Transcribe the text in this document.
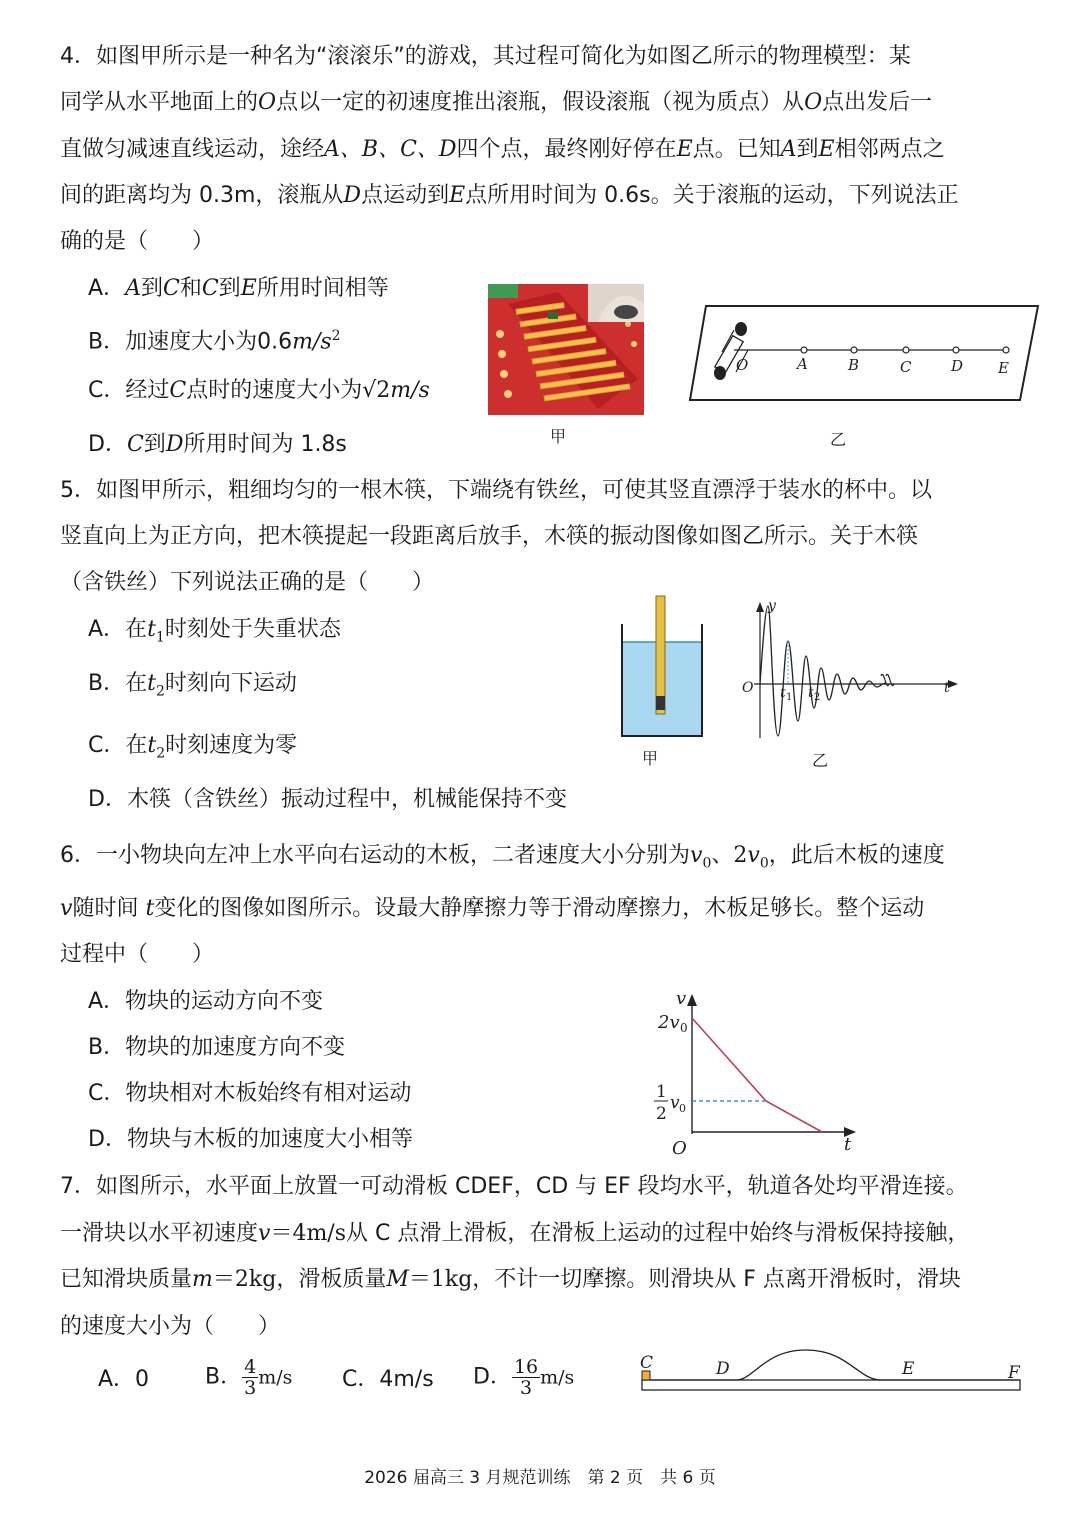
4．如图甲所示是一种名为“滚滚乐”的游戏，其过程可简化为如图乙所示的物理模型：某
同学从水平地面上的O点以一定的初速度推出滚瓶，假设滚瓶（视为质点）从O点出发后一
直做匀减速直线运动，途经A、B、C、D四个点，最终刚好停在E点。已知A到E相邻两点之
间的距离均为 0.3m，滚瓶从D点运动到E点所用时间为 0.6s。关于滚瓶的运动，下列说法正
确的是（　　）
A．A到C和C到E所用时间相等
B．加速度大小为$0.6m/s^2$
C．经过C点时的速度大小为√2m/s
D．C到D所用时间为 1.8s	甲
O	A	B	C	D E
乙
5．如图甲所示，粗细均匀的一根木筷，下端绕有铁丝，可使其竖直漂浮于装水的杯中。以
竖直向上为正方向，把木筷提起一段距离后放手，木筷的振动图像如图乙所示。关于木筷
（含铁丝）下列说法正确的是（　　）
A．在$t_1$时刻处于失重状态
B．在$t_2$时刻向下运动
C．在$t_2$时刻速度为零
D．木筷（含铁丝）振动过程中，机械能保持不变
甲
y
t
O t 1 t 2
乙
6．一小物块向左冲上水平向右运动的木板，二者速度大小分别为$v_0$、$2v_0$，此后木板的速度
v随时间 t变化的图像如图所示。设最大静摩擦力等于滑动摩擦力，木板足够长。整个运动
过程中（　　）
A．物块的运动方向不变
B．物块的加速度方向不变
C．物块相对木板始终有相对运动
D．物块与木板的加速度大小相等
v
t
O
2v 0
1
2
v 0
7．如图所示，水平面上放置一可动滑板 CDEF，CD 与 EF 段均水平，轨道各处均平滑连接。
一滑块以水平初速度v＝4m/s从 C 点滑上滑板，在滑板上运动的过程中始终与滑板保持接触，
已知滑块质量m＝2kg，滑板质量M＝1kg，不计一切摩擦。则滑块从 F 点离开滑板时，滑块
的速度大小为（　　）
A．0	B． $\frac{4}{3} m/s$ C．4m/s D． $\frac{16}{3} m/s$
C	D	E	F
2026 届高三 3 月规范训练　第 2 页　共 6 页
